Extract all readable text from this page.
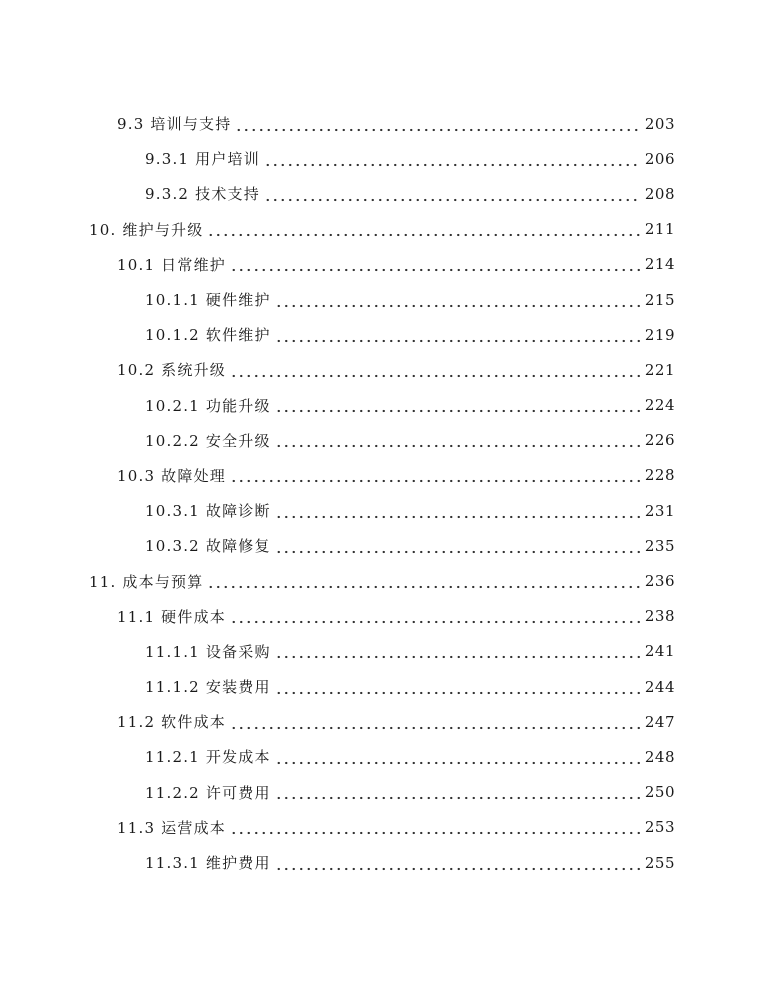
9.3 培训与支持	203
9.3.1 用户培训	206
9.3.2 技术支持	208
10. 维护与升级	211
10.1 日常维护	214
10.1.1 硬件维护	215
10.1.2 软件维护	219
10.2 系统升级	221
10.2.1 功能升级	224
10.2.2 安全升级	226
10.3 故障处理	228
10.3.1 故障诊断	231
10.3.2 故障修复	235
11. 成本与预算	236
11.1 硬件成本	238
11.1.1 设备采购	241
11.1.2 安装费用	244
11.2 软件成本	247
11.2.1 开发成本	248
11.2.2 许可费用	250
11.3 运营成本	253
11.3.1 维护费用	255
